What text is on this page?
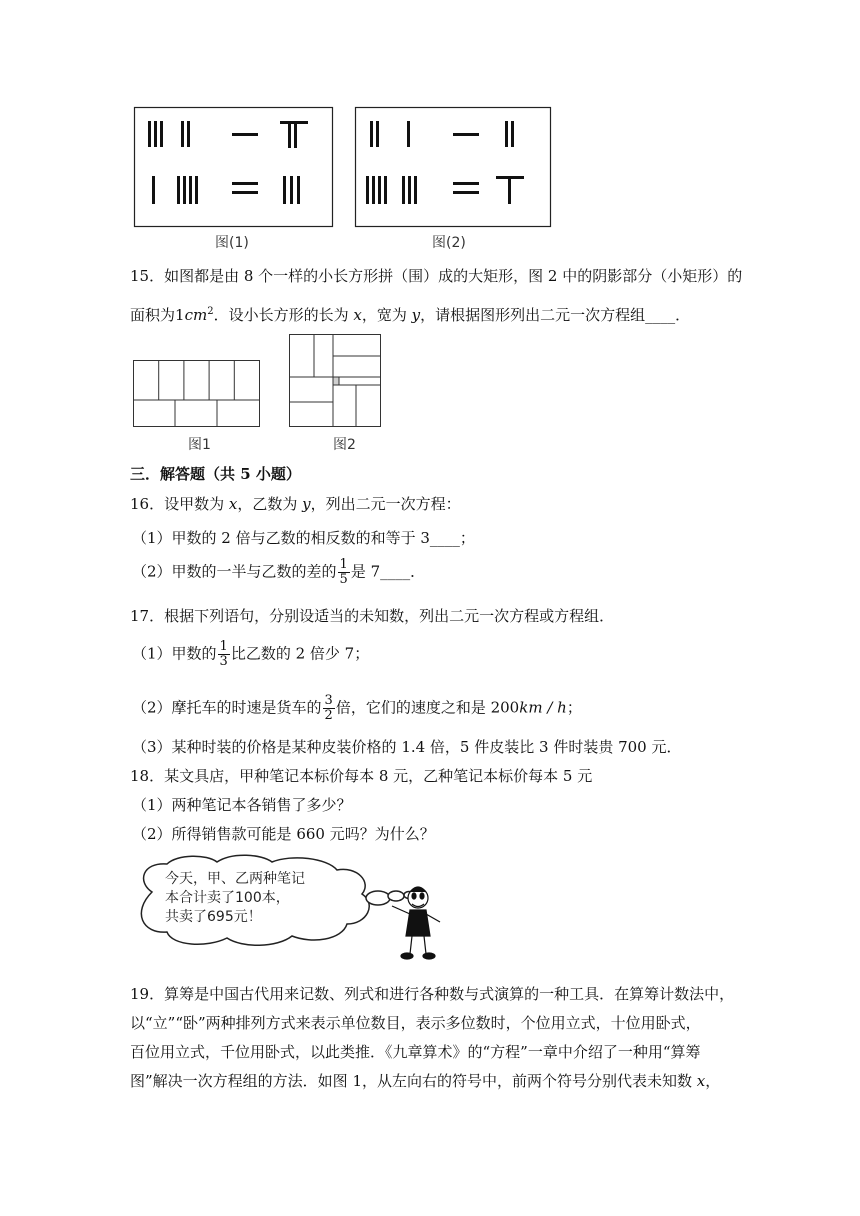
图(1)	图(2)
15．如图都是由 8 个一样的小长方形拼（围）成的大矩形，图 2 中的阴影部分（小矩形）的
面积为$1cm^2$．设小长方形的长为 x，宽为 y，请根据图形列出二元一次方程组____．
图1	图2
三．解答题（共 5 小题）
16．设甲数为 x，乙数为 y，列出二元一次方程：
（1）甲数的 2 倍与乙数的相反数的和等于 3____；
（2）甲数的一半与乙数的差的 $\frac{1}{5}$ 是 7____．
17．根据下列语句，分别设适当的未知数，列出二元一次方程或方程组．
（1）甲数的 $\frac{1}{3}$ 比乙数的 2 倍少 7；
（2）摩托车的时速是货车的 $\frac{3}{2}$ 倍，它们的速度之和是 200km / h；
（3）某种时装的价格是某种皮装价格的 1.4 倍，5 件皮装比 3 件时装贵 700 元．
18．某文具店，甲种笔记本标价每本 8 元，乙种笔记本标价每本 5 元
（1）两种笔记本各销售了多少？
（2）所得销售款可能是 660 元吗？为什么？
今天，甲、乙两种笔记
本合计卖了100本，
共卖了695元！
19．算筹是中国古代用来记数、列式和进行各种数与式演算的一种工具．在算筹计数法中，
以“立”“卧”两种排列方式来表示单位数目，表示多位数时，个位用立式，十位用卧式，
百位用立式，千位用卧式，以此类推．《九章算术》的“方程”一章中介绍了一种用“算筹
图”解决一次方程组的方法．如图 1，从左向右的符号中，前两个符号分别代表未知数 x，
